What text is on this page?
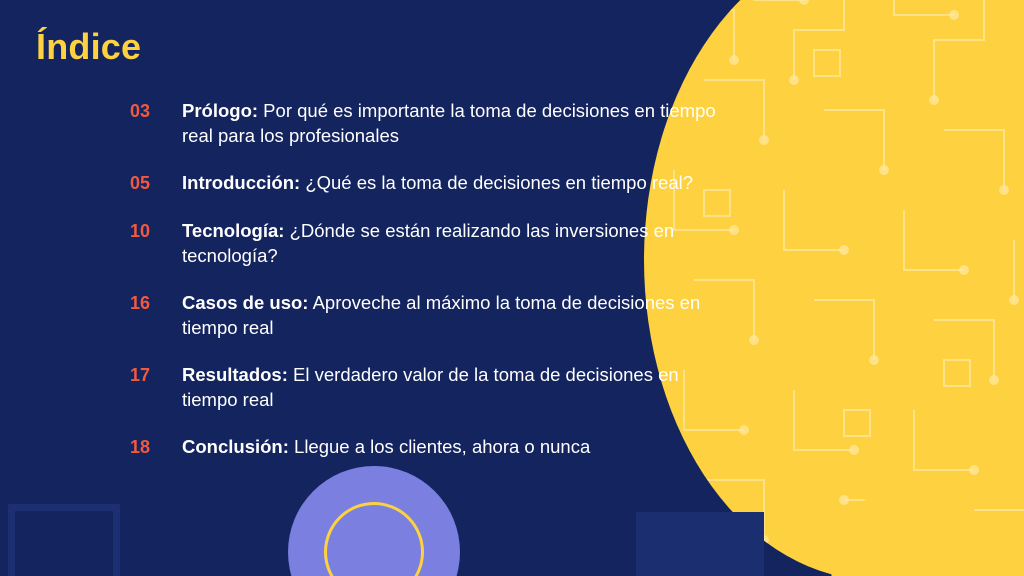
Índice
03	Prólogo: Por qué es importante la toma de decisiones en tiempo real para los profesionales
05	Introducción: ¿Qué es la toma de decisiones en tiempo real?
10	Tecnología: ¿Dónde se están realizando las inversiones en tecnología?
16	Casos de uso: Aproveche al máximo la toma de decisiones en tiempo real
17	Resultados: El verdadero valor de la toma de decisiones en tiempo real
18	Conclusión: Llegue a los clientes, ahora o nunca
